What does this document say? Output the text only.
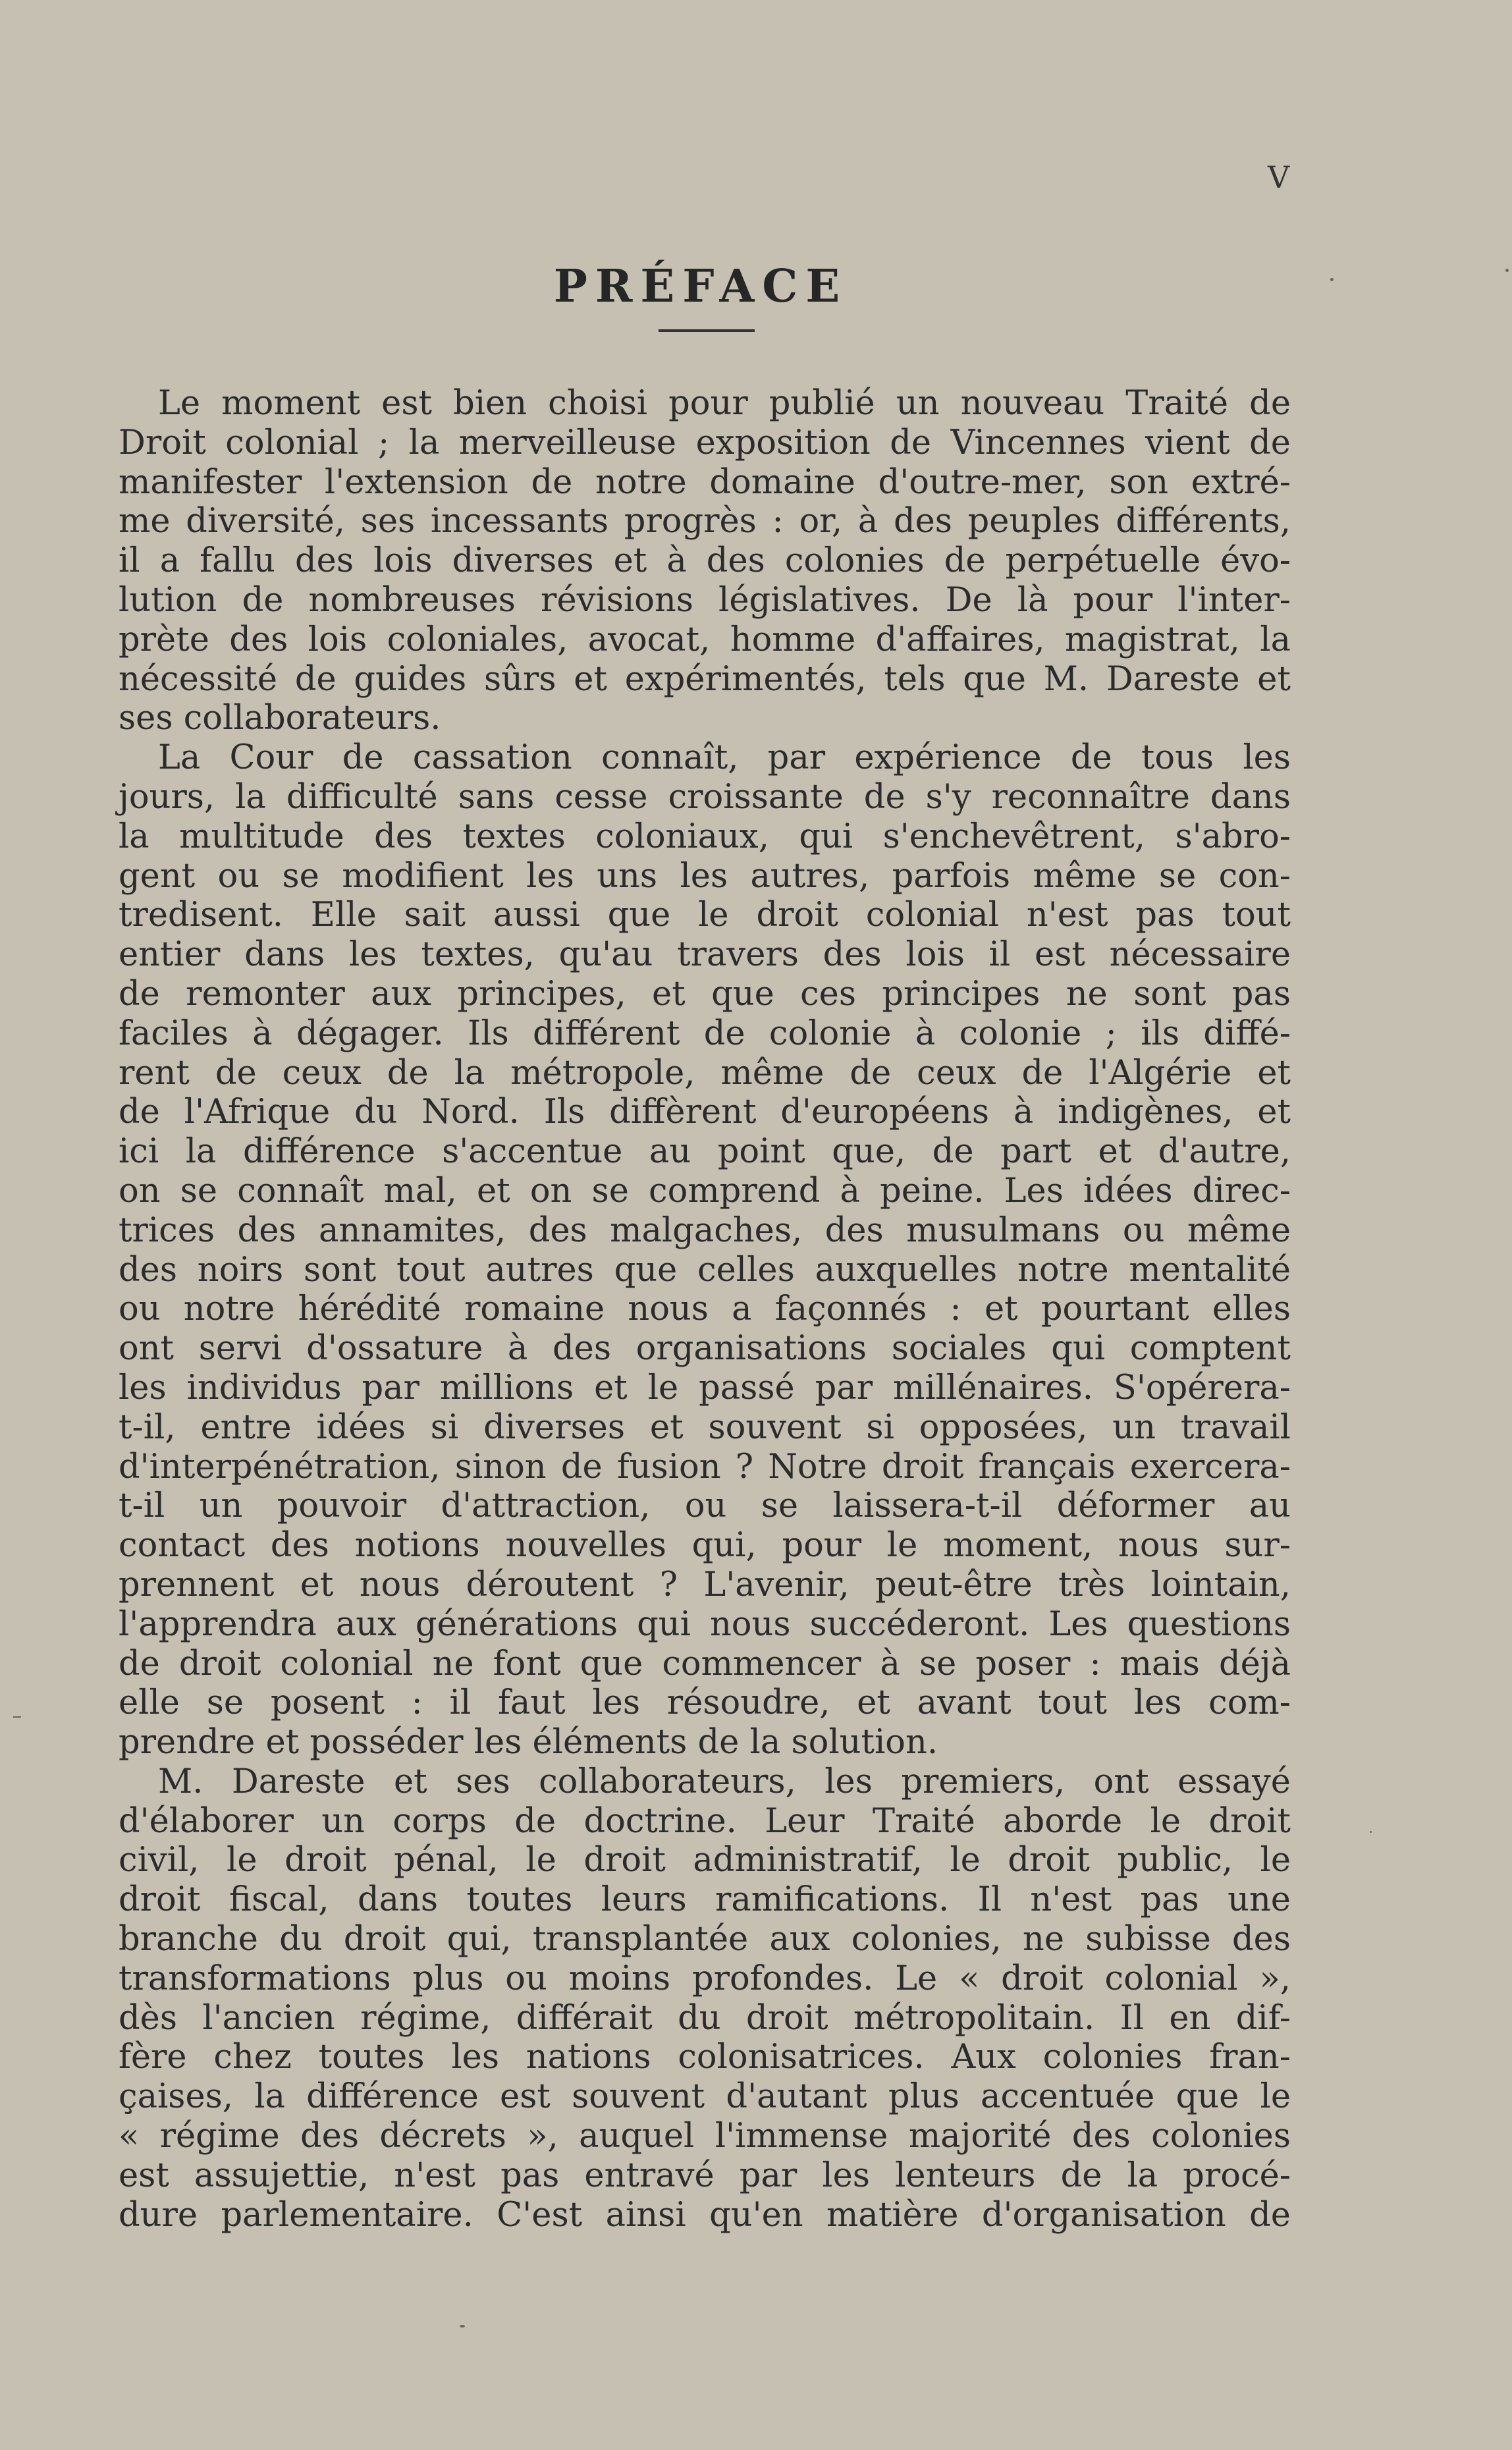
V
PRÉFACE
Le moment est bien choisi pour publié un nouveau Traité de
Droit colonial ; la merveilleuse exposition de Vincennes vient de
manifester l'extension de notre domaine d'outre-mer, son extré-
me diversité, ses incessants progrès : or, à des peuples différents,
il a fallu des lois diverses et à des colonies de perpétuelle évo-
lution de nombreuses révisions législatives. De là pour l'inter-
prète des lois coloniales, avocat, homme d'affaires, magistrat, la
nécessité de guides sûrs et expérimentés, tels que M. Dareste et
ses collaborateurs.
La Cour de cassation connaît, par expérience de tous les
jours, la difficulté sans cesse croissante de s'y reconnaître dans
la multitude des textes coloniaux, qui s'enchevêtrent, s'abro-
gent ou se modifient les uns les autres, parfois même se con-
tredisent. Elle sait aussi que le droit colonial n'est pas tout
entier dans les textes, qu'au travers des lois il est nécessaire
de remonter aux principes, et que ces principes ne sont pas
faciles à dégager. Ils différent de colonie à colonie ; ils diffé-
rent de ceux de la métropole, même de ceux de l'Algérie et
de l'Afrique du Nord. Ils diffèrent d'européens à indigènes, et
ici la différence s'accentue au point que, de part et d'autre,
on se connaît mal, et on se comprend à peine. Les idées direc-
trices des annamites, des malgaches, des musulmans ou même
des noirs sont tout autres que celles auxquelles notre mentalité
ou notre hérédité romaine nous a façonnés : et pourtant elles
ont servi d'ossature à des organisations sociales qui comptent
les individus par millions et le passé par millénaires. S'opérera-
t-il, entre idées si diverses et souvent si opposées, un travail
d'interpénétration, sinon de fusion ? Notre droit français exercera-
t-il un pouvoir d'attraction, ou se laissera-t-il déformer au
contact des notions nouvelles qui, pour le moment, nous sur-
prennent et nous déroutent ? L'avenir, peut-être très lointain,
l'apprendra aux générations qui nous succéderont. Les questions
de droit colonial ne font que commencer à se poser : mais déjà
elle se posent : il faut les résoudre, et avant tout les com-
prendre et posséder les éléments de la solution.
M. Dareste et ses collaborateurs, les premiers, ont essayé
d'élaborer un corps de doctrine. Leur Traité aborde le droit
civil, le droit pénal, le droit administratif, le droit public, le
droit fiscal, dans toutes leurs ramifications. Il n'est pas une
branche du droit qui, transplantée aux colonies, ne subisse des
transformations plus ou moins profondes. Le « droit colonial »,
dès l'ancien régime, différait du droit métropolitain. Il en dif-
fère chez toutes les nations colonisatrices. Aux colonies fran-
çaises, la différence est souvent d'autant plus accentuée que le
« régime des décrets », auquel l'immense majorité des colonies
est assujettie, n'est pas entravé par les lenteurs de la procé-
dure parlementaire. C'est ainsi qu'en matière d'organisation de
